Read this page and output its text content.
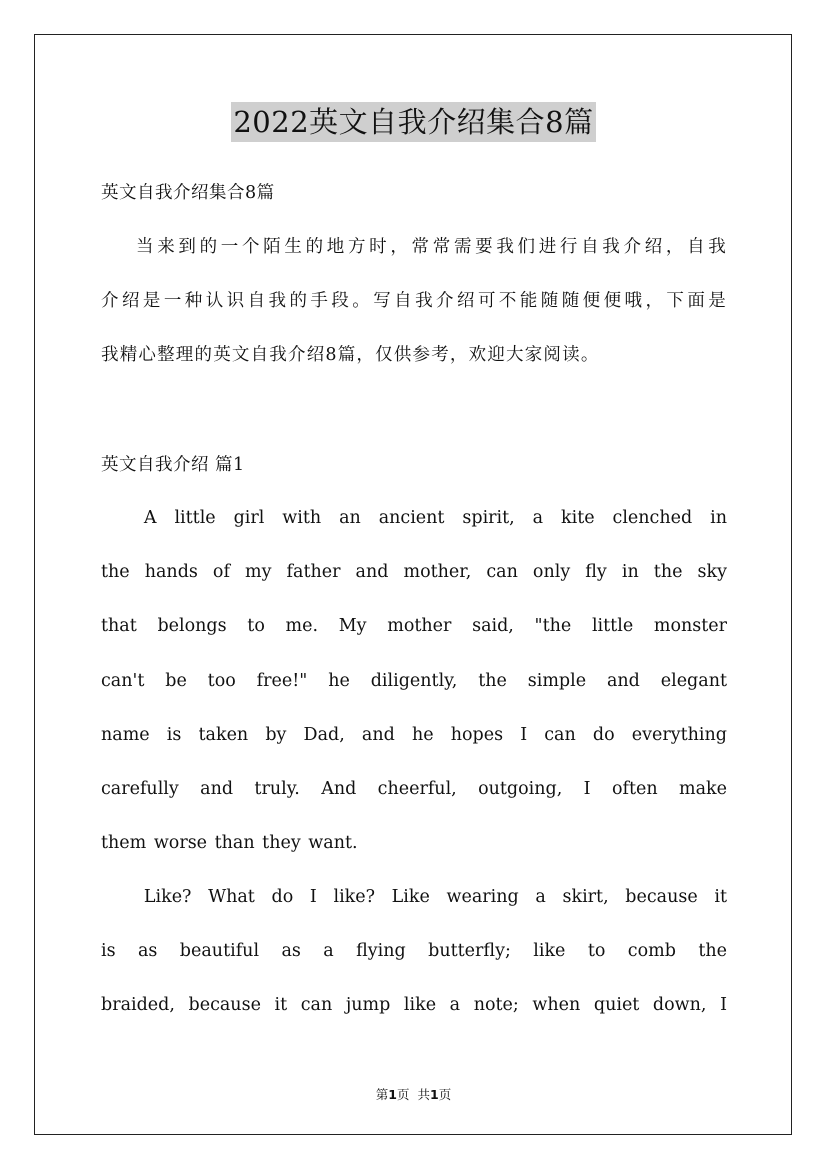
2022英文自我介绍集合8篇
英文自我介绍集合8篇

当来到的一个陌生的地方时，常常需要我们进行自我介绍，自我
介绍是一种认识自我的手段。写自我介绍可不能随随便便哦，下面是
我精心整理的英文自我介绍8篇，仅供参考，欢迎大家阅读。

英文自我介绍 篇1

A little girl with an ancient spirit, a kite clenched in
the hands of my father and mother, can only fly in the sky
that belongs to me. My mother said, "the little monster
can't be too free!" he diligently, the simple and elegant
name is taken by Dad, and he hopes I can do everything
carefully and truly. And cheerful, outgoing, I often make
them worse than they want.

Like? What do I like? Like wearing a skirt, because it
is as beautiful as a flying butterfly; like to comb the
braided, because it can jump like a note; when quiet down, I

第1页 共1页
